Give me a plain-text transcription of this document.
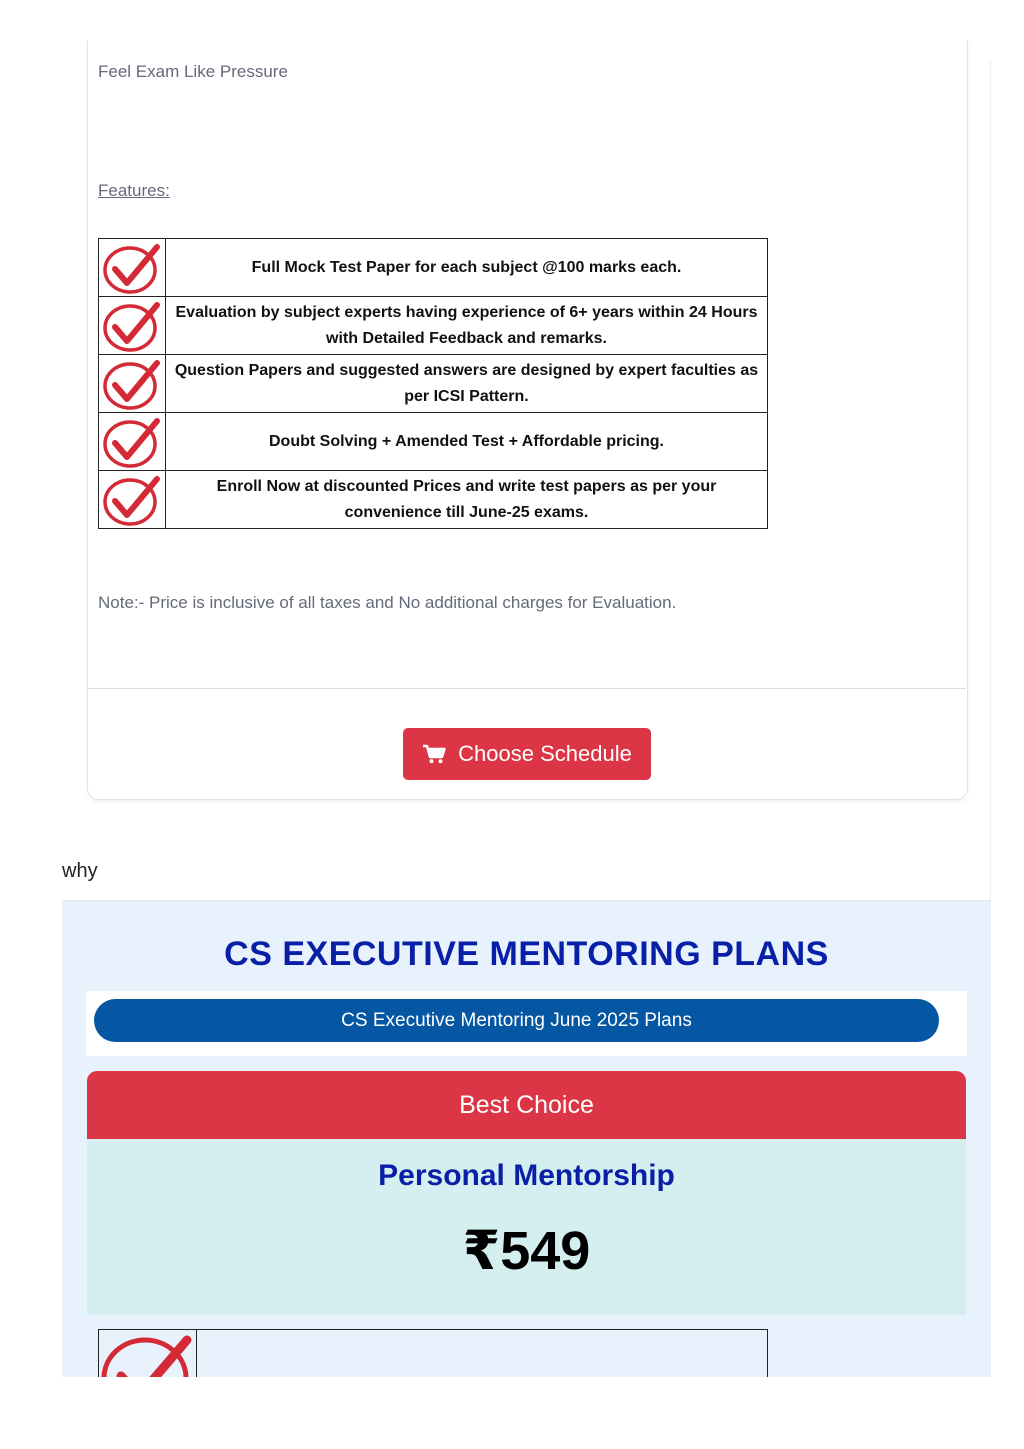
Feel Exam Like Pressure
Features:
	Full Mock Test Paper for each subject @100 marks each.

	Evaluation by subject experts having experience of 6+ years within 24 Hours with Detailed Feedback and remarks.

	Question Papers and suggested answers are designed by expert faculties as per ICSI Pattern.

	Doubt Solving + Amended Test + Affordable pricing.

	Enroll Now at discounted Prices and write test papers as per your convenience till June-25 exams.
Note:- Price is inclusive of all taxes and No additional charges for Evaluation.
Choose Schedule
why
CS EXECUTIVE MENTORING PLANS
CS Executive Mentoring June 2025 Plans
Best Choice
Personal Mentorship
₹549
